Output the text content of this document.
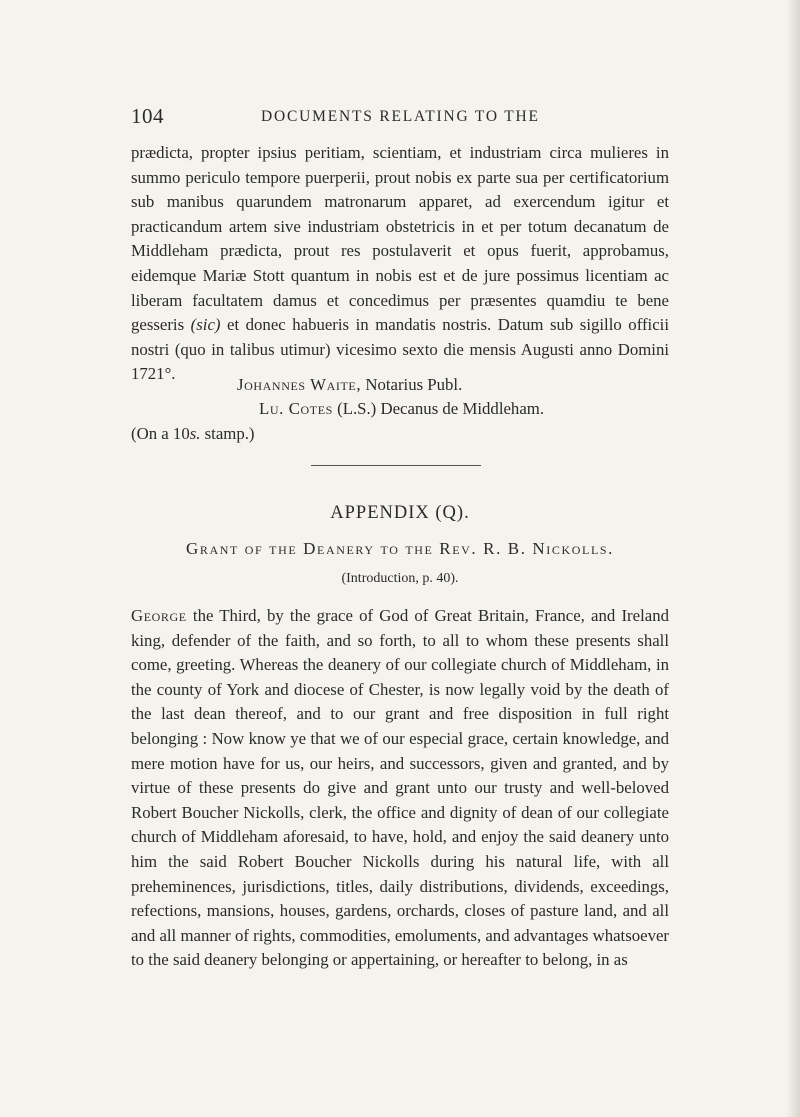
104	DOCUMENTS RELATING TO THE

prædicta, propter ipsius peritiam, scientiam, et industriam circa mulieres in summo periculo tempore puerperii, prout nobis ex parte sua per certificatorium sub manibus quarundem matronarum apparet, ad exercendum igitur et practicandum artem sive industriam obstetricis in et per totum decanatum de Middleham prædicta, prout res postulaverit et opus fuerit, approbamus, eidemque Mariæ Stott quantum in nobis est et de jure possimus licentiam ac liberam facultatem damus et concedimus per præsentes quamdiu te bene gesseris (sic) et donec habueris in mandatis nostris. Datum sub sigillo officii nostri (quo in talibus utimur) vicesimo sexto die mensis Augusti anno Domini 1721°.

Johannes Waite, Notarius Publ.
Lu. Cotes (L.S.) Decanus de Middleham.
(On a 10s. stamp.)
APPENDIX (Q).
Grant of the Deanery to the Rev. R. B. Nickolls.
(Introduction, p. 40).

George the Third, by the grace of God of Great Britain, France, and Ireland king, defender of the faith, and so forth, to all to whom these presents shall come, greeting. Whereas the deanery of our collegiate church of Middleham, in the county of York and diocese of Chester, is now legally void by the death of the last dean thereof, and to our grant and free disposition in full right belonging : Now know ye that we of our especial grace, certain knowledge, and mere motion have for us, our heirs, and successors, given and granted, and by virtue of these presents do give and grant unto our trusty and well-beloved Robert Boucher Nickolls, clerk, the office and dignity of dean of our collegiate church of Middleham aforesaid, to have, hold, and enjoy the said deanery unto him the said Robert Boucher Nickolls during his natural life, with all preheminences, jurisdictions, titles, daily distributions, dividends, exceedings, refections, mansions, houses, gardens, orchards, closes of pasture land, and all and all manner of rights, commodities, emoluments, and advantages whatsoever to the said deanery belonging or appertaining, or hereafter to belong, in as
